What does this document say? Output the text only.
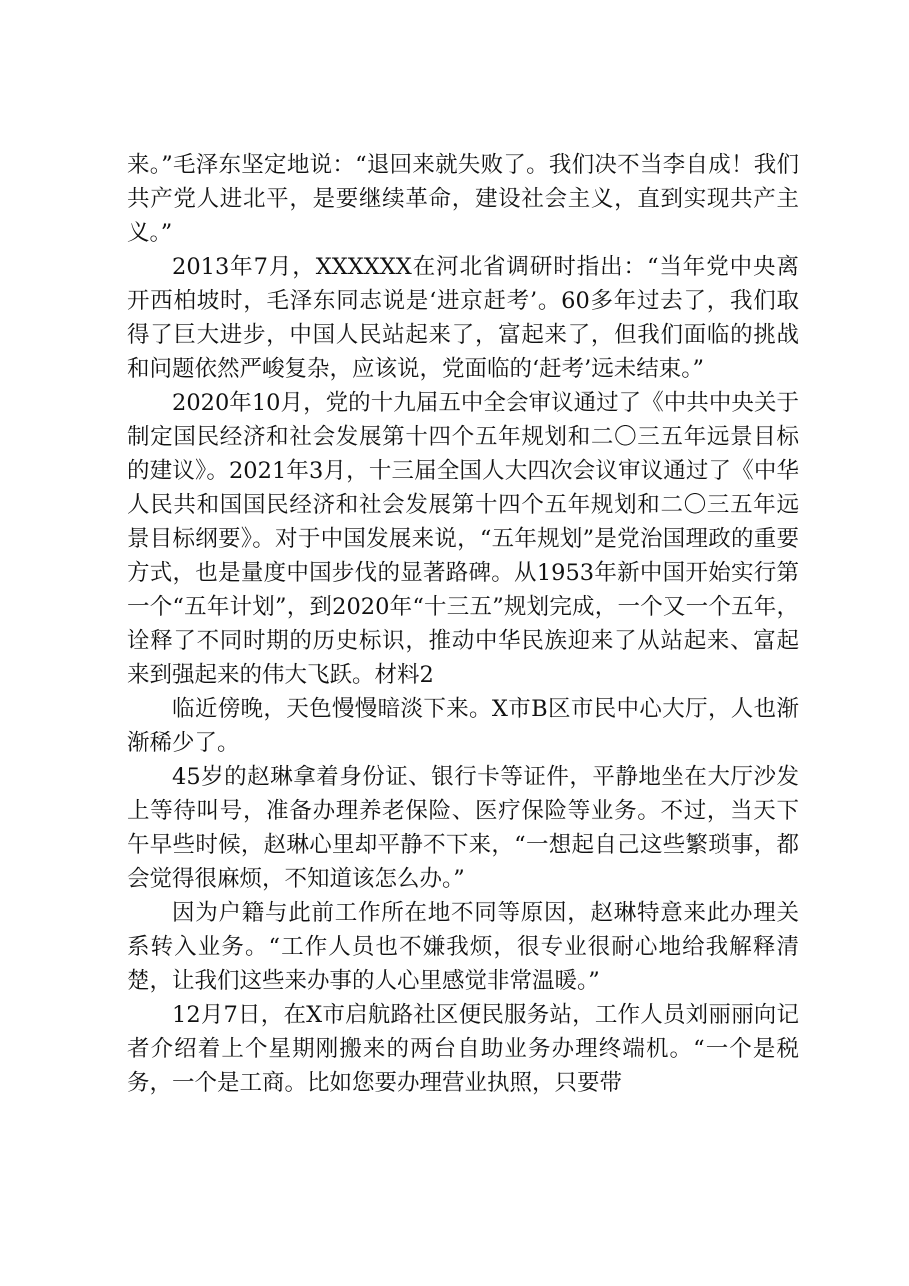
来。”毛泽东坚定地说：“退回来就失败了。我们决不当李自成！我们共产党人进北平，是要继续革命，建设社会主义，直到实现共产主义。”

2013年7月，XXXXXX在河北省调研时指出：“当年党中央离开西柏坡时，毛泽东同志说是‘进京赶考’。60多年过去了，我们取得了巨大进步，中国人民站起来了，富起来了，但我们面临的挑战和问题依然严峻复杂，应该说，党面临的‘赶考’远未结束。”

2020年10月，党的十九届五中全会审议通过了《中共中央关于制定国民经济和社会发展第十四个五年规划和二〇三五年远景目标的建议》。2021年3月，十三届全国人大四次会议审议通过了《中华人民共和国国民经济和社会发展第十四个五年规划和二〇三五年远景目标纲要》。对于中国发展来说，“五年规划”是党治国理政的重要方式，也是量度中国步伐的显著路碑。从1953年新中国开始实行第一个“五年计划”，到2020年“十三五”规划完成，一个又一个五年，诠释了不同时期的历史标识，推动中华民族迎来了从站起来、富起来到强起来的伟大飞跃。材料2

临近傍晚，天色慢慢暗淡下来。X市B区市民中心大厅，人也渐渐稀少了。

45岁的赵琳拿着身份证、银行卡等证件，平静地坐在大厅沙发上等待叫号，准备办理养老保险、医疗保险等业务。不过，当天下午早些时候，赵琳心里却平静不下来，“一想起自己这些繁琐事，都会觉得很麻烦，不知道该怎么办。”

因为户籍与此前工作所在地不同等原因，赵琳特意来此办理关系转入业务。“工作人员也不嫌我烦，很专业很耐心地给我解释清楚，让我们这些来办事的人心里感觉非常温暖。”

12月7日，在X市启航路社区便民服务站，工作人员刘丽丽向记者介绍着上个星期刚搬来的两台自助业务办理终端机。“一个是税务，一个是工商。比如您要办理营业执照，只要带
